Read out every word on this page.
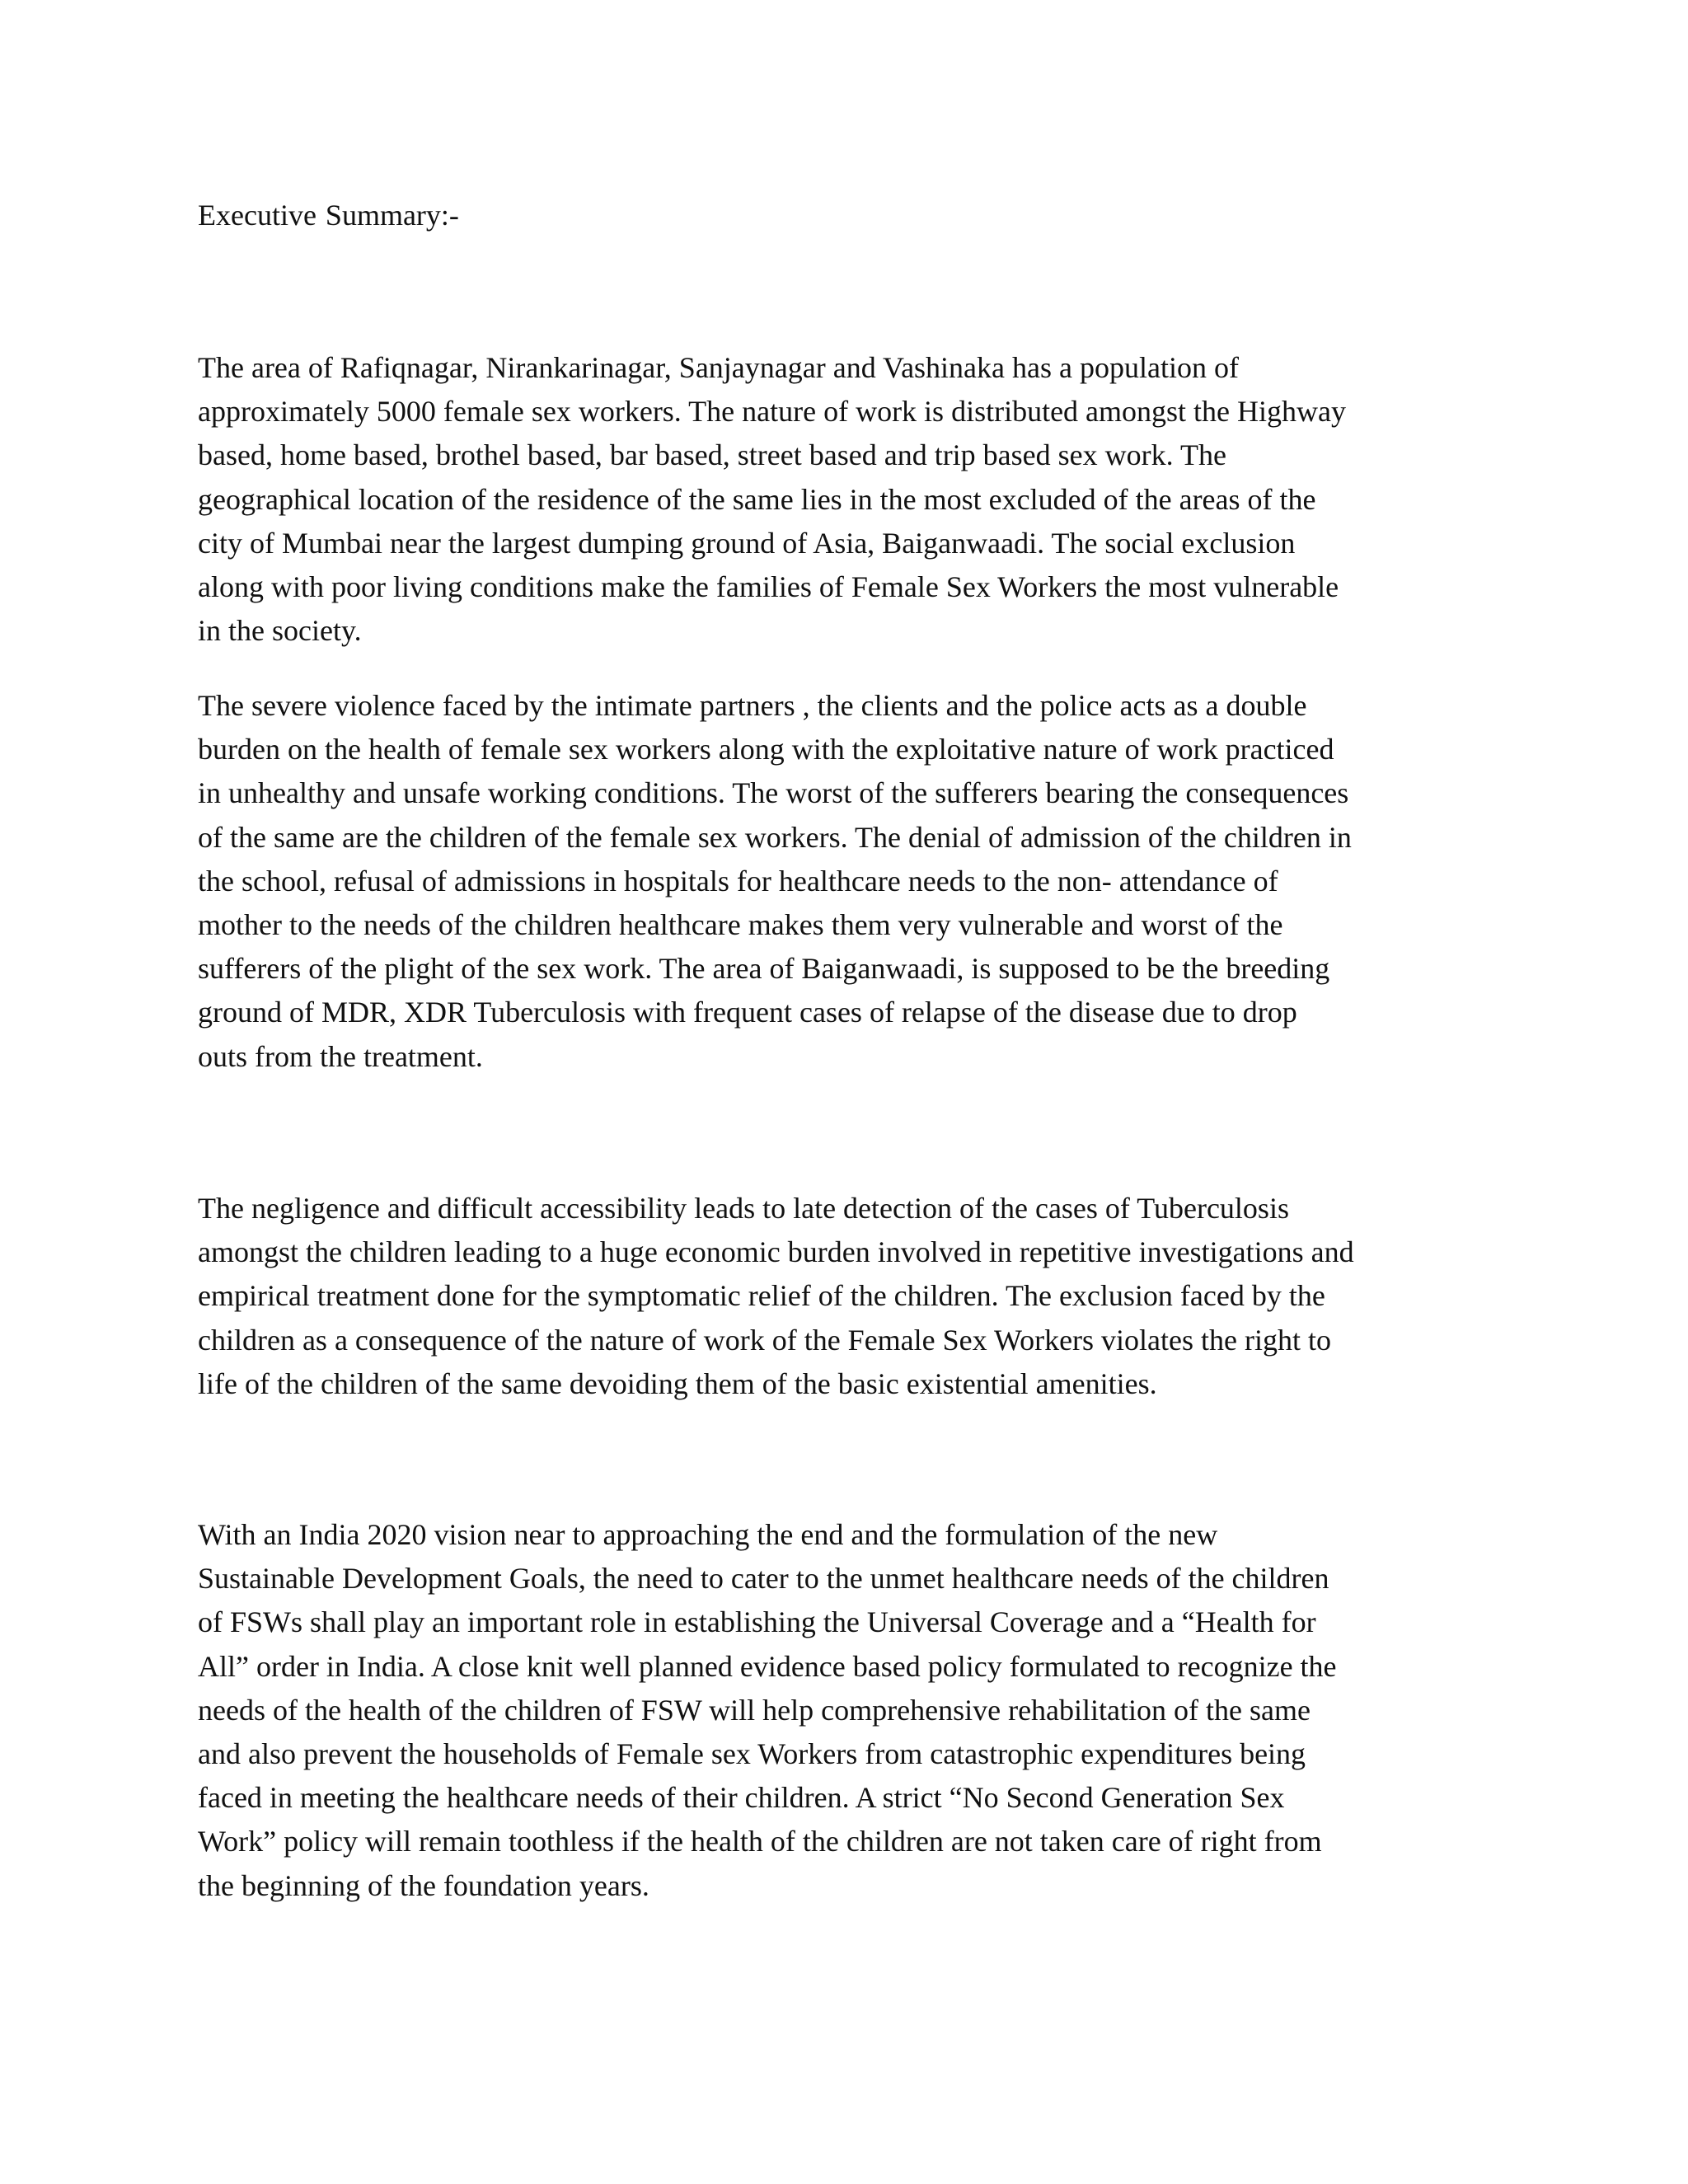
Executive Summary:-

The area of Rafiqnagar, Nirankarinagar, Sanjaynagar and Vashinaka has a population of
approximately 5000 female sex workers. The nature of work is distributed amongst the Highway
based, home based, brothel based, bar based, street based and trip based sex work. The
geographical location of the residence of the same lies in the most excluded of the areas of the
city of Mumbai near the largest dumping ground of Asia, Baiganwaadi. The social exclusion
along with poor living conditions make the families of Female Sex Workers the most vulnerable
in the society.

The severe violence faced by the intimate partners , the clients and the police acts as a double
burden on the health of female sex workers along with the exploitative nature of work practiced
in unhealthy and unsafe working conditions. The worst of the sufferers bearing the consequences
of the same are the children of the female sex workers. The denial of admission of the children in
the school, refusal of admissions in hospitals for healthcare needs to the non- attendance of
mother to the needs of the children healthcare makes them very vulnerable and worst of the
sufferers of the plight of the sex work. The area of Baiganwaadi, is supposed to be the breeding
ground of MDR, XDR Tuberculosis with frequent cases of relapse of the disease due to drop
outs from the treatment.

The negligence and difficult accessibility leads to late detection of the cases of Tuberculosis
amongst the children leading to a huge economic burden involved in repetitive investigations and
empirical treatment done for the symptomatic relief of the children. The exclusion faced by the
children as a consequence of the nature of work of the Female Sex Workers violates the right to
life of the children of the same devoiding them of the basic existential amenities.

With an India 2020 vision near to approaching the end and the formulation of the new
Sustainable Development Goals, the need to cater to the unmet healthcare needs of the children
of FSWs shall play an important role in establishing the Universal Coverage and a “Health for
All” order in India. A close knit well planned evidence based policy formulated to recognize the
needs of the health of the children of FSW will help comprehensive rehabilitation of the same
and also prevent the households of Female sex Workers from catastrophic expenditures being
faced in meeting the healthcare needs of their children. A strict “No Second Generation Sex
Work” policy will remain toothless if the health of the children are not taken care of right from
the beginning of the foundation years.
